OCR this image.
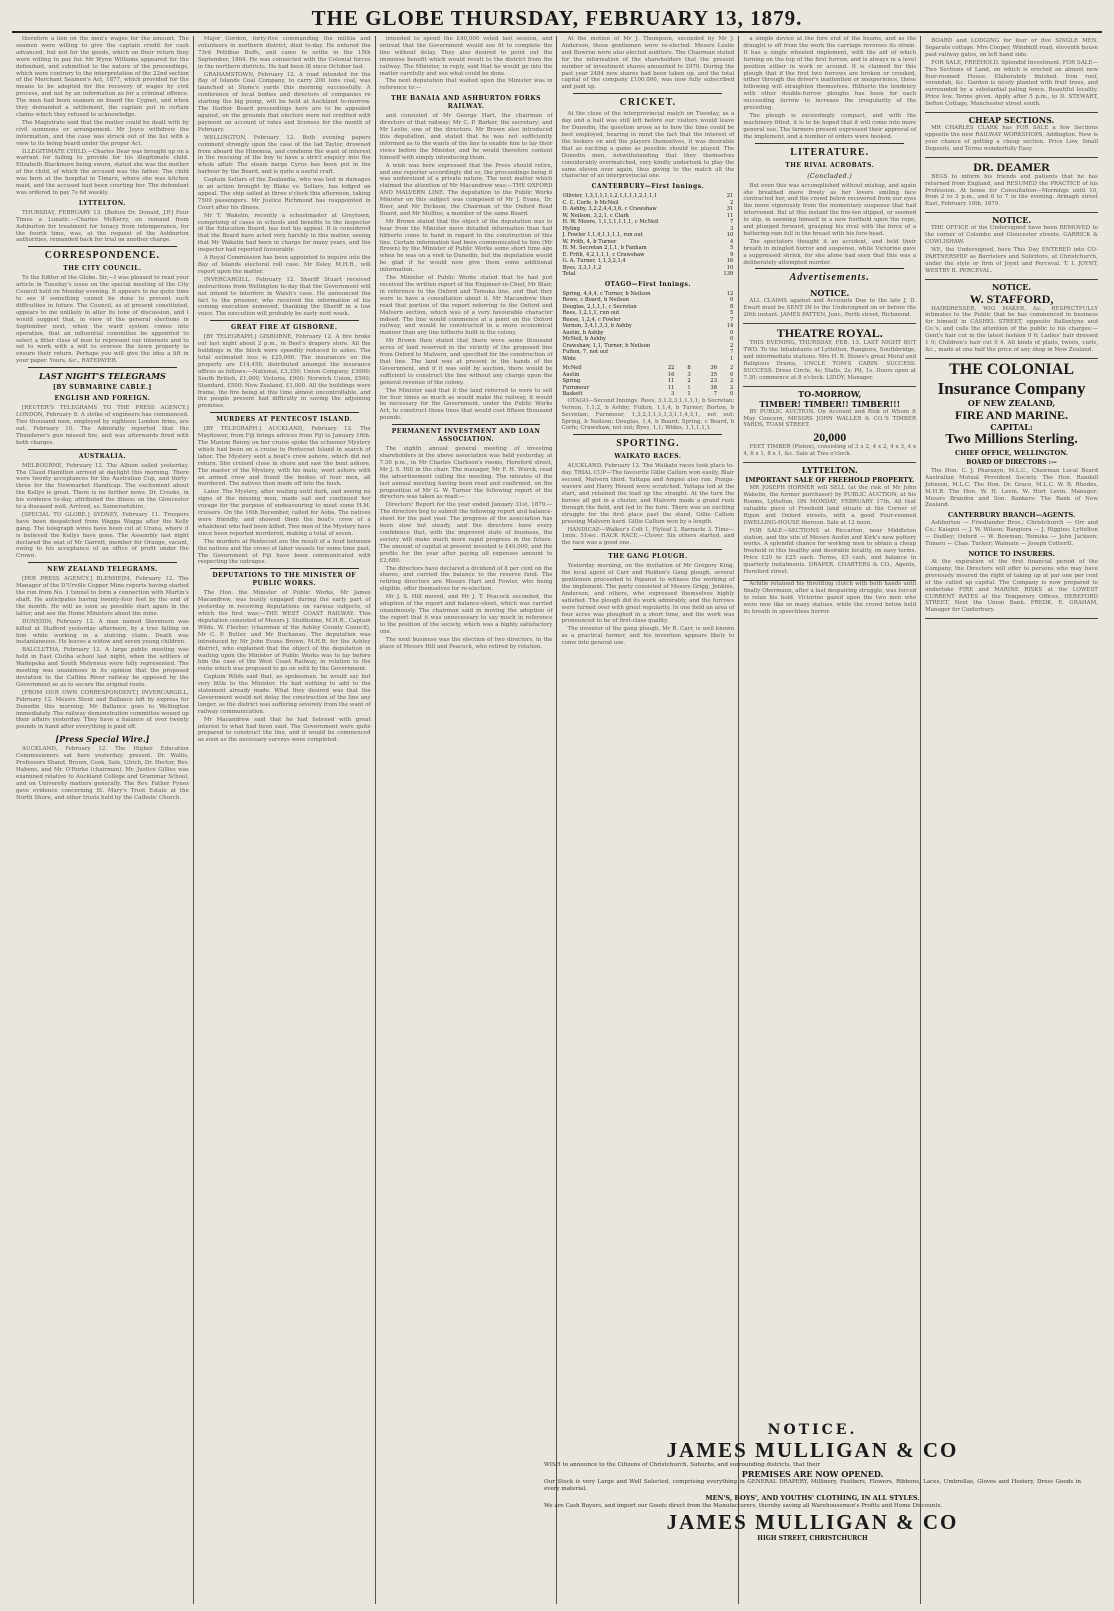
THE GLOBE THURSDAY, FEBRUARY 13, 1879.

therefore a lien on the men's wages for the amount. The seamen were willing to give the captain credit for cash advanced, but not for the goods, which on their return they were willing to pay for. Mr Wynn Williams appeared for the defendant, and submitted to the nature of the proceedings, which were contrary to the interpretation of the 22nd section of the Merchant Seamen's Act, 1877, which provided for the means to be adopted for the recovery of wages by civil process, and not by an information as for a criminal offence. The men had been seamen on board the Cygnet, and when they demanded a settlement, the captain put in certain claims which they refused to acknowledge.

The Magistrate said that the matter could be dealt with by civil summons or arrangement. Mr Joyce withdrew the information, and the case was struck out of the list with a view to its being heard under the proper Act.

ILLEGITIMATE CHILD.—Charles Dear was brought up on a warrant for failing to provide for his illegitimate child. Elizabeth Blackmore being sworn, stated she was the mother of the child, of which the accused was the father. The child was born at the hospital in Timaru, where she was kitchen maid, and the accused had been courting her. The defendant was ordered to pay 7s 6d weekly.

LYTTELTON.

THURSDAY, FEBRUARY 13. [Before Dr. Donald, J.P.] Four Times a Lunatic.—Charles McKerry, on remand from Ashburton for treatment for lunacy from intemperance, for the fourth time, was, at the request of the Ashburton authorities, remanded back for trial on another charge.

CORRESPONDENCE.
THE CITY COUNCIL.

To the Editor of the Globe. Sir,—I was pleased to read your article in Tuesday's issue on the special meeting of the City Council held on Monday evening. It appears to me quite time to see if something cannot be done to prevent such difficulties in future. The Council, as at present constituted, appears to me unlikely to alter its tone of discussion, and I would suggest that, in view of the general elections in September next, when the ward system comes into operation, that an influential committee be appointed to select a fitter class of men to represent our interests and to set to work with a will to oversee the town property to ensure their return. Perhaps you will give the idea a lift in your paper. Yours, &c., RATEPAYER.

LAST NIGHT'S TELEGRAMS
[BY SUBMARINE CABLE.]
ENGLISH AND FOREIGN.

[REUTER'S TELEGRAMS TO THE PRESS AGENCY.] LONDON, February 8. A strike of engineers has commenced. Two thousand men, employed by eighteen London firms, are out. February 10. The Admiralty reported that the Thunderer's gun missed fire, and was afterwards fired with both charges.

AUSTRALIA.

MELBOURNE, February 12. The Albion sailed yesterday. The Claud Hamilton arrived at daylight this morning. There were twenty acceptances for the Australian Cup, and thirty-three for the Newmarket Handicap. The excitement about the Kellys is great. There is no further news. Dr. Crooks, in his evidence to-day, attributed the illness on the Gloucester to a diseased well. Arrived, ss. Somersetshire.

[SPECIAL TO GLOBE.] SYDNEY, February 11. Troopers have been despatched from Wagga Wagga after the Kelly gang. The telegraph wires have been cut at Urana, where it is believed the Kellys have gone. The Assembly last night declared the seat of Mr Garrett, member for Orange, vacant, owing to his acceptance of an office of profit under the Crown.

NEW ZEALAND TELEGRAMS.

[PER PRESS AGENCY.] BLENHEIM, February 12. The Manager of the D'Urville Copper Mine reports having started the run from No. 1 tunnel to form a connection with Martin's shaft. He anticipates having twenty-four feet by the end of the month. He will as soon as possible start again in the latter, and see the Home Ministers about the mine.

DUNEDIN, February 12. A man named Stevenson was killed at Stafford yesterday afternoon, by a tree falling on him while working in a sluicing claim. Death was instantaneous. He leaves a widow and seven young children.

BALCLUTHA, February 12. A large public meeting was held in East Clutha school last night, when the settlers of Waitepeka and South Molyneux were fully represented. The meeting was unanimous in its opinion that the proposed deviation to the Catlins River railway be opposed by the Government so as to secure the original route.

[FROM OUR OWN CORRESPONDENT.] INVERCARGILL, February 12. Messrs Stout and Ballance left by express for Dunedin this morning. Mr Ballance goes to Wellington immediately. The railway demonstration committee wound up their affairs yesterday. They have a balance of over twenty pounds in hand after everything is paid off.

[Press Special Wire.]

AUCKLAND, February 12. The Higher Education Commissioners sat here yesterday; present, Dr. Wallis, Professors Shand, Brown, Cook, Sale, Ulrich, Dr. Hector, Rev. Habens, and Mr. O'Rorke (chairman). Mr. Justice Gillies was examined relative to Auckland College and Grammar School, and on University matters generally. The Rev. Father Fynes gave evidence concerning St. Mary's Trust Estate at the North Shore, and other trusts held by the Catholic Church.

Major Gordon, forty-five commanding the militia and volunteers in northern district, died to-day. He entered the 73rd Pettiboe Buffs, and came to settle in the 15th September, 1864. He was connected with the Colonial forces in the northern districts. He had been ill since October last.

GRAHAMSTOWN, February 12. A road intended for the Bay of Islands Coal Company, to carry 200 tons coal, was launched at Stone's yards this morning successfully. A conference of local bodies and directors of companies re starting the big pump, will be held at Auckland to-morrow. The Harbor Board proceedings here are to be appealed against, on the grounds that electors were not credited with payment on account of rates and licenses for the month of February.

WELLINGTON, February 12. Both evening papers comment strongly upon the case of the lad Taylor, drowned from aboard the Hinemoa, and condemn the want of interest in the rescuing of the boy to have a strict enquiry into the whole affair. The steam barge Cyrus has been put in the harbour by the Board, and is quite a useful craft.

Captain Sellars of the Zealandia, who was lost in damages in an action brought by Blake vs. Sellars, has lodged an appeal. The ship sailed at three o'clock this afternoon, taking 7500 passengers. Mr Justice Richmond has reappointed in Court after his illness.

Mr T. Wakelin, recently a schoolmaster at Greytown, comprising of cases in schools and benefits to the inspector of the Education Board, has lost his appeal. It is considered that the Board have acted very harshly in this matter, seeing that Mr Wakelin had been in charge for many years, and the inspector had reported favourably.

A Royal Commission has been appointed to inquire into the Bay of Islands electoral roll case. Mr Ilsley, M.H.R., will report upon the matter.

INVERCARGILL, February 12. Sheriff Stuart received instructions from Wellington to-day that the Government will not intend to interfere in Walsh's case. He announced the fact to the prisoner, who received the information of his coming execution unmoved, thanking the Sheriff in a low voice. The execution will probably be early next week.

GREAT FIRE AT GISBORNE.

[BY TELEGRAPH.] GISBORNE, February 12. A fire broke out last night about 2 p.m., in Beet's drapery store. All the buildings in the block were speedily reduced to ashes. The total estimated loss is £25,000. The insurances on the property are £14,450, distributed amongst the insurance offices as follows:—National, £3,350; Union Company, £3000; South British, £1,000; Victoria, £900; Norwich Union, £500; Standard, £500; New Zealand, £1,000. All the buildings were frame, the fire being at this time almost uncontrollable, and the people present had difficulty in saving the adjoining premises.

MURDERS AT PENTECOST ISLAND.

[BY TELEGRAPH.] AUCKLAND, February 12. The Mayflower, from Fiji brings advices from Fiji to January 16th. The Marion Renny on her cruise spoke the schooner Mystery which had been on a cruise to Pentecost Island in search of labor. The Mystery sent a boat's crew ashore, which did not return. She cruised close in shore and saw the boat ashore. The master of the Mystery, with his mate, went ashore with an armed crew and found the bodies of four men, all murdered. The natives then made off into the bush.

Later. The Mystery, after waiting until dark, and seeing no signs of the missing men, made sail and continued her voyage for the purpose of endeavouring to meet some H.M. cruisers. On the 16th December, called for Aoba. The natives were friendly, and showed them the boat's crew of a whaleboat who had been killed. Two men of the Mystery have since been reported murdered, making a total of seven.

The murders at Pentecost are the result of a feud between the natives and the crews of labor vessels for some time past. The Government of Fiji have been communicated with respecting the outrages.

DEPUTATIONS TO THE MINISTER OF PUBLIC WORKS.

The Hon. the Minister of Public Works, Mr James Macandrew, was busily engaged during the early part of yesterday in receiving deputations on various subjects, of which the first was:—THE WEST COAST RAILWAY. This deputation consisted of Messrs J. Studholme, M.H.R., Captain Wilds, W. Flesher, (chairman of the Ashley County Council), Mr C. P. Butler, and Mr Buchanan. The deputation was introduced by Mr John Evans Brown, M.H.R. for the Ashley district, who explained that the object of the deputation in waiting upon the Minister of Public Works was to lay before him the case of the West Coast Railway, in relation to the route which was proposed to go on with by the Government.

Captain Wilds said that, as spokesman, he would say but very little to the Minister. He had nothing to add to the statement already made. What they desired was that the Government would not delay the construction of the line any longer, as the district was suffering severely from the want of railway communication.

Mr Macandrew said that he had listened with great interest to what had been said. The Government were quite prepared to construct the line, and it would be commenced as soon as the necessary surveys were completed.

intended to spend the £40,000 voted last session, and entreat that the Government would see fit to complete the line without delay. They also desired to point out the immense benefit which would result to the district from the railway. The Minister, in reply, said that he would go into the matter carefully and see what could be done.

The next deputation that waited upon the Minister was in reference to:—

THE BANAIA AND ASHBURTON FORKS RAILWAY.

and consisted of Mr George Hart, the chairman of directors of that railway; Mr C. P. Barker, the secretary; and Mr Leslie, one of the directors. Mr Brown also introduced this deputation, and stated that he was not sufficiently informed as to the wants of the line to enable him to lay their views before the Minister, and he would therefore content himself with simply introducing them.

A wish was here expressed that the Press should retire, and one reporter accordingly did so, the proceedings being it was understood of a private nature. The next matter which claimed the attention of Mr Macandrew was:—THE OXFORD AND MALVERN LINE. The deputation to the Public Works Minister on this subject was composed of Mr J. Evans, Dr. Boor, and Mr Dickson, the Chairman of the Oxford Road Board, and Mr Mullins, a member of the same Board.

Mr Brown stated that the object of the deputation was to hear from the Minister more detailed information than had hitherto come to hand in regard to the construction of this line. Certain information had been communicated to him (Mr Brown) by the Minister of Public Works some short time ago when he was on a visit to Dunedin, but the deputation would be glad if he would now give them some additional information.

The Minister of Public Works stated that he had just received the written report of the Engineer-in-Chief, Mr Blair, in reference to the Oxford and Temuka line, and that they were to have a consultation about it. Mr Macandrew then read that portion of the report referring to the Oxford and Malvern section, which was of a very favourable character indeed. The line would commence at a point on the Oxford railway, and would be constructed in a more economical manner than any line hitherto built in the colony.

Mr Brown then stated that there were some thousand acres of land reserved in the vicinity of the proposed line from Oxford to Malvern, and specified for the construction of that line. The land was at present in the hands of the Government, and if it was sold by auction, there would be sufficient to construct the line without any charge upon the general revenue of the colony.

The Minister said that if the land referred to were to sell for four times as much as would make the railway, it would be necessary for the Government, under the Public Works Act, to construct those lines that would cost fifteen thousand pounds.

PERMANENT INVESTMENT AND LOAN ASSOCIATION.

The eighth annual general meeting of investing shareholders in the above association was held yesterday, at 7.30 p.m., in Mr Charles Clarkson's rooms, Hereford street, Mr J. S. Hill in the chair. The manager, Mr F. H. Wurck, read the advertisement calling the meeting. The minutes of the last annual meeting having been read and confirmed, on the proposition of Mr G. W. Turner the following report of the directors was taken as read:—

Directors' Report for the year ended January 31st, 1879.—The directors beg to submit the following report and balance-sheet for the past year. The progress of the association has been slow but steady, and the directors have every confidence that, with the improved state of business, the society will make much more rapid progress in the future. The amount of capital at present invested is £40,000, and the profits for the year after paying all expenses amount to £2,680.

The directors have declared a dividend of 8 per cent on the shares, and carried the balance to the reserve fund. The retiring directors are Messrs Hart and Fowler, who being eligible, offer themselves for re-election.

Mr J. S. Hill moved, and Mr J. T. Peacock seconded, the adoption of the report and balance-sheet, which was carried unanimously. The chairman said in moving the adoption of the report that it was unnecessary to say much in reference to the position of the society, which was a highly satisfactory one.

The next business was the election of two directors, in the place of Messrs Hill and Peacock, who retired by rotation.

At the motion of Mr J. Thompson, seconded by Mr J. Anderson, those gentlemen were re-elected. Messrs Leslie and Bowron were also elected auditors. The Chairman stated for the information of the shareholders that the present number of investment shares amounted to 2970. During the past year 2484 new shares had been taken up, and the total capital of the company £100,000, was now fully subscribed and paid up.

CRICKET.

At the close of the interprovincial match on Tuesday, as a day and a half was still left before our visitors would leave for Dunedin, the question arose as to how the time could be best employed, bearing in mind the fact that the interest of the lookers on and the players themselves, it was desirable that as exciting a game as possible should be played. The Dunedin men, notwithstanding that they themselves considerably overmatched, very kindly undertook to play the same eleven over again, thus giving to the match all the character of an interprovincial one.

CANTERBURY—First Innings.
Ollivier, 1,3,1,1,1,1,2,1,1,1,1,2,1,1,1	21
C. C. Corfe, b McNeil	2
D. Ashby, 3,2,2,4,4,3,6, c Crawshaw	31
W. Neilson, 3,2,1, c Clark	11
H. W. Moore, 1,1,1,1,1,1,1, c McNeil	7
Hyling	3
J. Fowler 1,1,4,1,1,1,1, run out	10
W. Frith, 4, b Turner	4
H. M. Secretan 2,1,1, b Fanham	5
E. Frith, 4,2,1,1,1, c Crawshaw	9
G. A. Turner, 1,1,3,2,1,4	16
Byes, 3,3,1,1,2	10
Total	139
OTAGO—First Innings.
Spring, 4,4,4, c Turner, b Neilson	12
Rowe, c Board, b Neilson	0
Douglas, 2,1,1,1, c Secretan	8
Rees, 1,2,1,1, run out	5
Reese, 1,2,4, c Fowler	7
Vernon, 3,4,1,3,3, b Ashby	14
Austin, b Ashby	0
McNeil, b Ashby	0
Crawshaw, 1,1, Turner, b Neilson	2
Fulton, 7, not out	7
Wide	1
McNeil	22	8	36	2
Austin	16	3	35	0
Spring	11	2	23	2
Furnmour	11	1	38	2
Baskett	3	1	7	0

OTAGO—Second Innings. Rees, 3,1,2,3,1,1,1,1, b Secretan; Vernon, 1,1,2, b Ashby; Fulton, 1,1,4, b Turner; Borton, b Secretan; Furnmour, 1,3,2,1,1,1,1,3,1,1,4,3,1, not out; Spring, b Neilson; Douglas, 1,4, b Board; Spring, c Board, b Corfe; Crawshaw, not out; Byes, 1,1; Wides, 1,1,1,1,1.

SPORTING.
WAIKATO RACES.

AUCKLAND, February 12. The Waikato races took place to-day. TRIAL CUP—The favourite Gillie Callum won easily, Blair second, Malvern third. Yattapa and Ampisi also ran. Punga-wavere and Harry Hound were scratched. Yattapa led at the start, and retained the lead up the straight. At the turn the horses all got in a cluster, and Malvern made a grand rush through the field, and led to the turn. There was an exciting struggle for the first place past the stand, Gillie Callum pressing Malvern hard. Gillie Callum won by a length.

HANDICAP.—Walker's Colt 1, Flyleaf 2, Barnacle 3. Time—1min. 51sec. HACK RACE.—Clover. Six others started, and the race was a good one.

THE GANG PLOUGH.

Yesterday morning, on the invitation of Mr Gregory King, the local agent of Carr and Holden's Gang plough, several gentlemen proceeded to Papanui to witness the working of the implement. The party consisted of Messrs Grigg, Jenkins, Anderson, and others, who expressed themselves highly satisfied. The plough did its work admirably, and the furrows were turned over with great regularity. In one field an area of four acres was ploughed in a short time, and the work was pronounced to be of first-class quality.

The inventor of the gang plough, Mr R. Carr, is well known as a practical farmer, and his invention appears likely to come into general use.

a simple device at the fore end of the beams, and as the draught is off from the work the carriage reverses its strain. It has a single wheeled implement, with the aid of which turning on the top of the first furrow, and is always in a level position either in work or around. It is claimed for this plough that if the first two furrows are broken or crooked, either through the driver's inattention or inexperience, these following will straighten themselves. Hitherto the tendency with other double-furrow ploughs has been for each succeeding furrow to increase the irregularity of the preceding.

The plough is exceedingly compact, and with the machinery fitted, it is to be hoped that it will come into more general use. The farmers present expressed their approval of the implement, and a number of orders were booked.

LITERATURE.
THE RIVAL ACROBATS.
(Concluded.)

But even this was accomplished without mishap, and again she breathed more freely as her lovers smiling face contracted her, and the crowd below recovered from our eyes the more vigorously from the momentary suspense that had intervened. But at this instant the fire-ten slipped, or seemed to slip, in seeming himself in a new foothold upon the rope, and plunged forward, grasping his rival with the force of a battering-ram full in the breast with his fore-head.

The spectators thought it an accident, and held their breath in mingled horror and suspense, while Victorine gave a suppressed shriek, for she alone had seen that this was a deliberately attempted murder.

Advertisements.
NOTICE.

ALL CLAIMS against and Accounts Due to the late J. D. Ewart must be SENT IN to the Undersigned on or before the 20th instant. JAMES PATTEN, Junr., Perth street, Richmond.

THEATRE ROYAL.

THIS EVENING, THURSDAY, FEB. 13. LAST NIGHT BUT TWO. To the Inhabitants of Lyttelton, Rangiora, Southbridge, and intermediate stations. Mrs H. B. Stowe's great Moral and Religious Drama, UNCLE TOM'S CABIN. SUCCESS. SUCCESS. Dress Circle, 4s; Stalls, 2s; Pit, 1s. Doors open at 7.30; commence at 8 o'clock. LIDDY, Manager.

TO-MORROW,
TIMBER! TIMBER!! TIMBER!!!

BY PUBLIC AUCTION. On Account and Risk of Whom it May Concern, MESSRS JOHN WALLER & CO.'S TIMBER YARDS, TUAM STREET.

20,000

FEET TIMBER (Piston), consisting of 3 x 2, 4 x 2, 4 x 3, 4 x 4, 6 x 1, 8 x 1, &c. Sale at Two o'clock.

LYTTELTON.
IMPORTANT SALE OF FREEHOLD PROPERTY.

MR JOSEPH HORNER will SELL (at the risk of Mr John Wakelin, the former purchaser) by PUBLIC AUCTION, at his Rooms, Lyttelton, ON MONDAY, FEBRUARY 17th, All that valuable piece of Freehold land situate at the Corner of Ripon and Oxford streets, with a good Four-roomed DWELLING-HOUSE thereon. Sale at 12 noon.

FOR SALE—SECTIONS at Riccarton, near Middleton station, and the site of Messrs Austin and Kirk's new pottery works. A splendid chance for working men to obtain a cheap freehold in this healthy and desirable locality, on easy terms. Price £20 to £25 each. Terms, £5 cash, and balance in quarterly instalments. DRAPER, CHARTERS & CO., Agents, Hereford street.

Achille retained his throttling clutch with both hands until finally Obermann, after a last despairing struggle, was forced to relax his hold. Victorine gazed upon the two men who were now like so many statues, while the crowd below held its breath in speechless horror.

BOARD and LODGING for four or five SINGLE MEN. Separate cottage. Mrs Cooper, Windmill road, eleventh house past railway gates, on left hand side.

FOR SALE, FREEHOLD. Splendid Investment. FOR SALE—Two Sections of Land, on which is erected an almost new four-roomed House. Elaborately finished. Iron roof, verandah, &c. Garden is nicely planted with fruit trees, and surrounded by a substantial paling fence. Beautiful locality. Price low. Terms given. Apply after 5 p.m., to D. STEWART, Sefton Cottage, Manchester street south.

CHEAP SECTIONS.

MR CHARLES CLARK has FOR SALE a few Sections opposite the new RAILWAY WORKSHOPS, Addington. Now is your chance of getting a cheap section. Price Low, Small Deposits, and Terms wonderfully Easy.

DR. DEAMER

BEGS to inform his friends and patients that he has returned from England, and RESUMED the PRACTICE of his Profession. At home for Consultation—Mornings until 10, from 2 to 3 p.m., and 6 to 7 in the evening. Armagh street East, February 10th, 1879.

NOTICE.

THE OFFICE of the Undersigned have been REMOVED to the corner of Colombo and Gloucester streets. GARRICK & COWLISHAW.

WE, the Undersigned, have This Day ENTERED into CO-PARTNERSHIP as Barristers and Solicitors, at Christchurch, under the style or firm of Joynt and Perceval. T. I. JOYNT, WESTBY B. PERCEVAL.

NOTICE.
W. STAFFORD,

HAIRDRESSER, WIG MAKER, &c., RESPECTFULLY intimates to the Public that he has commenced in business for himself in CASHEL STREET, opposite Ballantyne and Co.'s, and calls the attention of the public to his charges:— Gent's hair cut in the latest fashion 0 6; Ladies' hair dressed 1 0; Children's hair cut 0 4. All kinds of plaits, twists, curls, &c., made at one half the price of any shop in New Zealand.

THE COLONIAL
Insurance Company
OF NEW ZEALAND,
FIRE AND MARINE.
CAPITAL:
Two Millions Sterling.
CHIEF OFFICE, WELLINGTON.
BOARD OF DIRECTORS :—

The Hon. C. J. Pharazyn, M.L.C., Chairman Local Board Australian Mutual Provident Society. The Hon. Randall Johnson, M.L.C. The Hon. Dr. Grace, M.L.C. W. B. Rhodes, M.H.R. The Hon. W. H. Levin. W. Hort Levin. Manager: Messrs Brandon and Son. Bankers: The Bank of New Zealand.

CANTERBURY BRANCH—AGENTS.

Ashburton — Friedlander Bros.; Christchurch — Orr and Co.; Kaiapoi — J. W. Wilson; Rangiora — J. Higgins; Lyttelton — Dudley; Oxford — W. Bowman; Temuka — John Jackson; Timaru — Chas. Tucker; Waimate — Joseph Cotterill.

NOTICE TO INSURERS.

At the expiration of the first financial period of the Company, the Directors will offer to persons who may have previously insured the right of taking up at par one per cent of the called up capital. The Company is now prepared to undertake FIRE and MARINE RISKS at the LOWEST CURRENT RATES at the Temporary Offices, HEREFORD STREET, Next the Union Bank. FREDK. E. GRAHAM, Manager for Canterbury.

NOTICE.
JAMES MULLIGAN & CO
WISH to announce to the Citizens of Christchurch, Suburbs, and surrounding districts, that their
PREMISES ARE NOW OPENED.
Our Stock is very Large and Well Selected, comprising everything in GENERAL DRAPERY, Millinery, Feathers, Flowers, Ribbons, Laces, Umbrellas, Gloves and Hosiery, Dress Goods in every material.
MEN'S, BOYS', AND YOUTHS' CLOTHING, IN ALL STYLES.
We are Cash Buyers, and import our Goods direct from the Manufacturers, thereby saving all Warehousemen's Profits and Home Discounts.
JAMES MULLIGAN & CO
HIGH STREET, CHRISTCHURCH
